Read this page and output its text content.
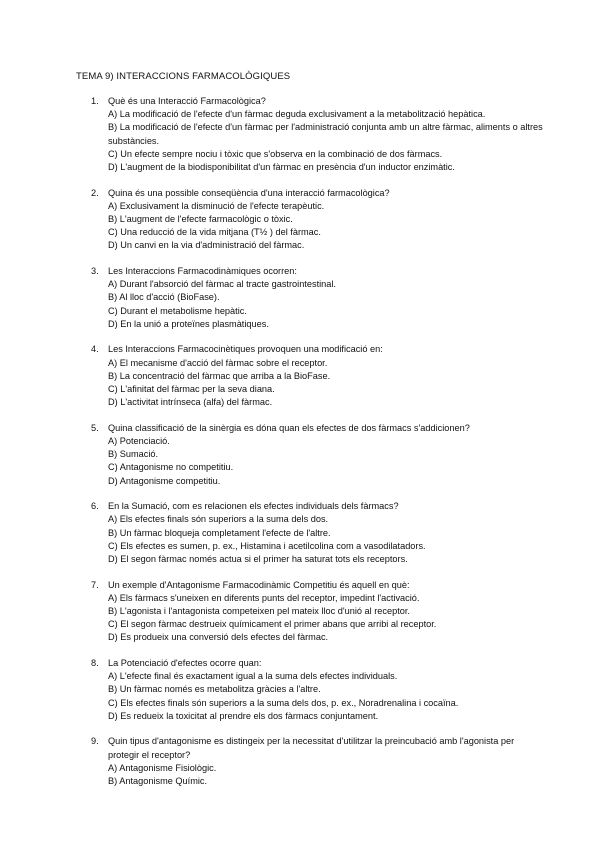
TEMA 9) INTERACCIONS FARMACOLÒGIQUES
1. Què és una Interacció Farmacològica?
A) La modificació de l'efecte d'un fàrmac deguda exclusivament a la metabolització hepàtica.
B) La modificació de l'efecte d'un fàrmac per l'administració conjunta amb un altre fàrmac, aliments o altres substàncies.
C) Un efecte sempre nociu i tòxic que s'observa en la combinació de dos fàrmacs.
D) L'augment de la biodisponibilitat d'un fàrmac en presència d'un inductor enzimàtic.
2. Quina és una possible conseqüència d'una interacció farmacològica?
A) Exclusivament la disminució de l'efecte terapèutic.
B) L'augment de l'efecte farmacològic o tòxic.
C) Una reducció de la vida mitjana (T½ ) del fàrmac.
D) Un canvi en la via d'administració del fàrmac.
3. Les Interaccions Farmacodinàmiques ocorren:
A) Durant l'absorció del fàrmac al tracte gastrointestinal.
B) Al lloc d'acció (BioFase).
C) Durant el metabolisme hepàtic.
D) En la unió a proteïnes plasmàtiques.
4. Les Interaccions Farmacocinètiques provoquen una modificació en:
A) El mecanisme d'acció del fàrmac sobre el receptor.
B) La concentració del fàrmac que arriba a la BioFase.
C) L'afinitat del fàrmac per la seva diana.
D) L'activitat intrínseca (alfa) del fàrmac.
5. Quina classificació de la sinèrgia es dóna quan els efectes de dos fàrmacs s'addicionen?
A) Potenciació.
B) Sumació.
C) Antagonisme no competitiu.
D) Antagonisme competitiu.
6. En la Sumació, com es relacionen els efectes individuals dels fàrmacs?
A) Els efectes finals són superiors a la suma dels dos.
B) Un fàrmac bloqueja completament l'efecte de l'altre.
C) Els efectes es sumen, p. ex., Histamina i acetilcolina com a vasodilatadors.
D) El segon fàrmac només actua si el primer ha saturat tots els receptors.
7. Un exemple d'Antagonisme Farmacodinàmic Competitiu és aquell en què:
A) Els fàrmacs s'uneixen en diferents punts del receptor, impedint l'activació.
B) L'agonista i l'antagonista competeixen pel mateix lloc d'unió al receptor.
C) El segon fàrmac destrueix químicament el primer abans que arribi al receptor.
D) Es produeix una conversió dels efectes del fàrmac.
8. La Potenciació d'efectes ocorre quan:
A) L'efecte final és exactament igual a la suma dels efectes individuals.
B) Un fàrmac només es metabolitza gràcies a l'altre.
C) Els efectes finals són superiors a la suma dels dos, p. ex., Noradrenalina i cocaïna.
D) Es redueix la toxicitat al prendre els dos fàrmacs conjuntament.
9. Quin tipus d'antagonisme es distingeix per la necessitat d'utilitzar la preincubació amb l'agonista per protegir el receptor?
A) Antagonisme Fisiològic.
B) Antagonisme Químic.
